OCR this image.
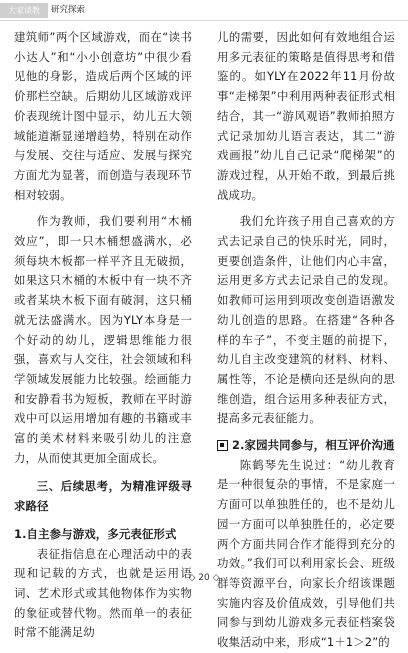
大家谈教	研究探索

建筑师”两个区域游戏，而在“读书小达人”和“小小创意坊”中很少看见他的身影，造成后两个区域的评价那栏空缺。后期幼儿区域游戏评价表现统计图中显示，幼儿五大领域能道渐显递增趋势，特别在动作与发展、交往与适应、发展与探究方面尤为显著，而创造与表现环节相对较弱。

作为教师，我们要利用“木桶效应”，即一只木桶想盛满水，必须每块木板都一样平齐且无破损，如果这只木桶的木板中有一块不齐或者某块木板下面有破洞，这只桶就无法盛满水。因为YLY本身是一个好动的幼儿，逻辑思维能力很强，喜欢与人交往，社会领域和科学领域发展能力比较强。绘画能力和安静看书为短板，教师在平时游戏中可以运用增加有趣的书籍或丰富的美术材料来吸引幼儿的注意力，从而使其更加全面成长。

三、后续思考，为精准评级寻求路径

1.自主参与游戏，多元表征形式

表征指信息在心理活动中的表现和记载的方式，也就是运用语词、艺术形式或其他物体作为实物的象征或替代物。然而单一的表征时常不能满足幼

儿的需要，因此如何有效地组合运用多元表征的策略是值得思考和借鉴的。如YLY在2022年11月份故事“走梯架”中利用两种表征形式相结合，其一“游风观语”教师拍照方式记录加幼儿语言表达，其二“游戏画报”幼儿自己记录“爬梯架”的游戏过程，从开始不敢，到最后挑战成功。

我们允许孩子用自己喜欢的方式去记录自己的快乐时光，同时，更要创造条件，让他们内心丰富，运用更多方式去记录自己的发现。如教师可运用到项改变创造语激发幼儿创造的思路。在搭建“各种各样的车子”，不变主题的前提下，幼儿自主改变建筑的材料、材料、属性等，不论是横向还是纵向的思维创造，组合运用多种表征方式，提高多元表征能力。

2.家园共同参与，相互评价沟通

陈鹤琴先生说过：“幼儿教育是一种很复杂的事情，不是家庭一方面可以单独胜任的，也不是幼儿园一方面可以单独胜任的，必定要两个方面共同合作才能得到充分的功效。”我们可以利用家长会、班级群等资源平台，向家长介绍该课题实施内容及价值成效，引导他们共同参与到幼儿游戏多元表征档案袋收集活动中来，形成“1＋1＞2”的

◇ 20 ◇
